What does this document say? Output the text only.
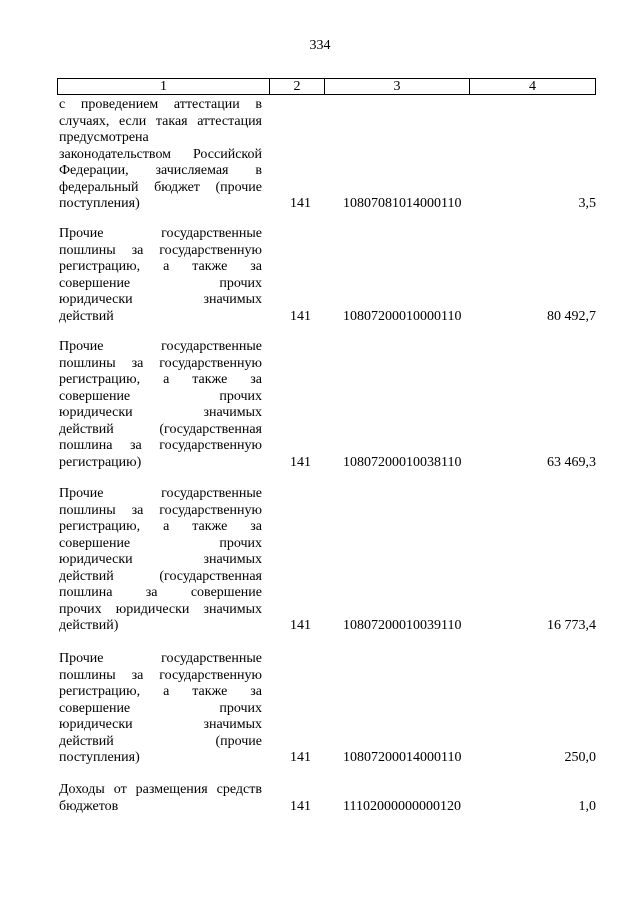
334
1	2	3	4
с проведением аттестации в
случаях, если такая аттестация
предусмотрена
законодательством Российской
Федерации, зачисляемая в
федеральный бюджет (прочие
поступления)	141 10807081014000110	3,5
Прочие государственные
пошлины за государственную
регистрацию, а также за
совершение прочих
юридически значимых
действий	141 10807200010000110	80 492,7
Прочие государственные
пошлины за государственную
регистрацию, а также за
совершение прочих
юридически значимых
действий (государственная
пошлина за государственную
регистрацию)	141 10807200010038110	63 469,3
Прочие государственные
пошлины за государственную
регистрацию, а также за
совершение прочих
юридически значимых
действий (государственная
пошлина за совершение
прочих юридически значимых
действий)	141 10807200010039110	16 773,4
Прочие государственные
пошлины за государственную
регистрацию, а также за
совершение прочих
юридически значимых
действий (прочие
поступления)	141 10807200014000110	250,0
Доходы от размещения средств
бюджетов	141 11102000000000120	1,0
